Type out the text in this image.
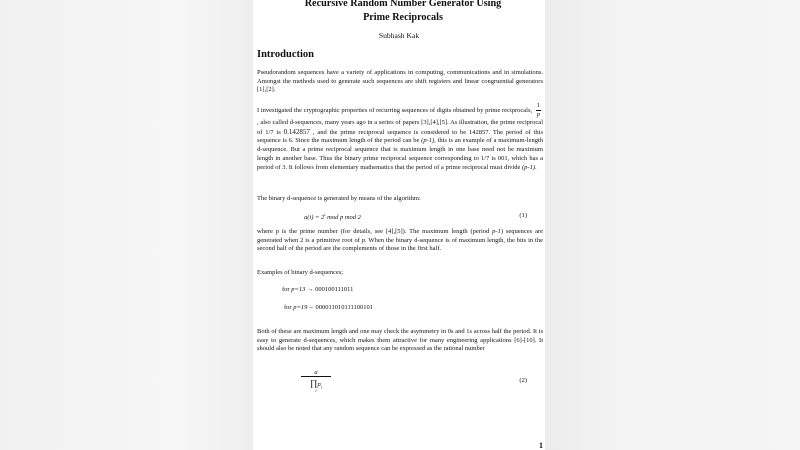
Recursive Random Number Generator Using Prime Reciprocals
Subhash Kak
Introduction

Pseudorandom sequences have a variety of applications in computing, communications and in simulations. Amongst the methods used to generate such sequences are shift registers and linear congruential generators [1],[2].

I investigated the cryptographic properties of recurring sequences of digits obtained by prime reciprocals, $\frac{1}{p}$
, also called d-sequences, many years ago in a series of papers [3],[4],[5]. As illustration, the prime reciprocal of 1/7 is 0.142857 , and the prime reciprocal sequence is considered to be 142857. The period of this sequence is 6. Since the maximum length of the period can be (p-1), this is an example of a maximum-length d-sequence. But a prime reciprocal sequence that is maximum length in one base need not be maximum length in another base. Thus the binary prime reciprocal sequence corresponding to 1/7 is 001, which has a period of 3. It follows from elementary mathematics that the period of a prime reciprocal must divide (p-1).

The binary d-sequence is generated by means of the algorithm:

$a(i) = 2^i$ mod p mod 2	(1)

where p is the prime number (for details, see [4],[5]). The maximum length (period p-1) sequences are generated when 2 is a primitive root of p. When the binary d-sequence is of maximum length, the bits in the second half of the period are the complements of those in the first half.

Examples of binary d-sequences;

for p=13 → 000100111011
for p=19→ 000011010111100101

Both of these are maximum length and one may check the asymmetry in 0s and 1s across half the period. It is easy to generate d-sequences, which makes them attractive for many engineering applications [6]-[10]. It should also be noted that any random sequence can be expressed as the rational number

a
$\prod p_i$
i	(2)
1
